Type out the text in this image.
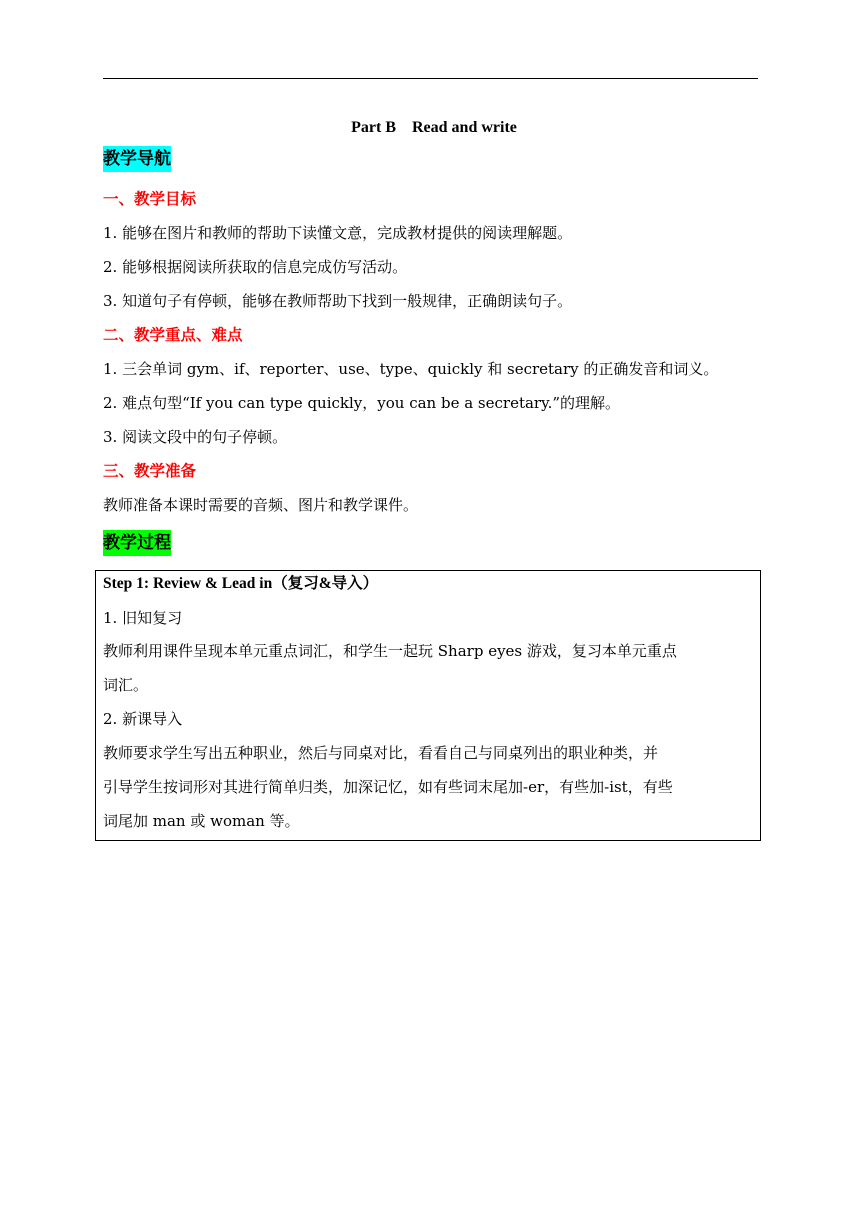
Part B　Read and write
教学导航
一、教学目标
1. 能够在图片和教师的帮助下读懂文意，完成教材提供的阅读理解题。
2. 能够根据阅读所获取的信息完成仿写活动。
3. 知道句子有停顿，能够在教师帮助下找到一般规律，正确朗读句子。
二、教学重点、难点
1. 三会单词 gym、if、reporter、use、type、quickly 和 secretary 的正确发音和词义。
2. 难点句型“If you can type quickly，you can be a secretary.”的理解。
3. 阅读文段中的句子停顿。
三、教学准备
教师准备本课时需要的音频、图片和教学课件。
教学过程
Step 1: Review & Lead in（复习&导入）
1. 旧知复习
教师利用课件呈现本单元重点词汇，和学生一起玩 Sharp eyes 游戏，复习本单元重点
词汇。
2. 新课导入
教师要求学生写出五种职业，然后与同桌对比，看看自己与同桌列出的职业种类，并
引导学生按词形对其进行简单归类，加深记忆，如有些词末尾加-er，有些加-ist，有些
词尾加 man 或 woman 等。
